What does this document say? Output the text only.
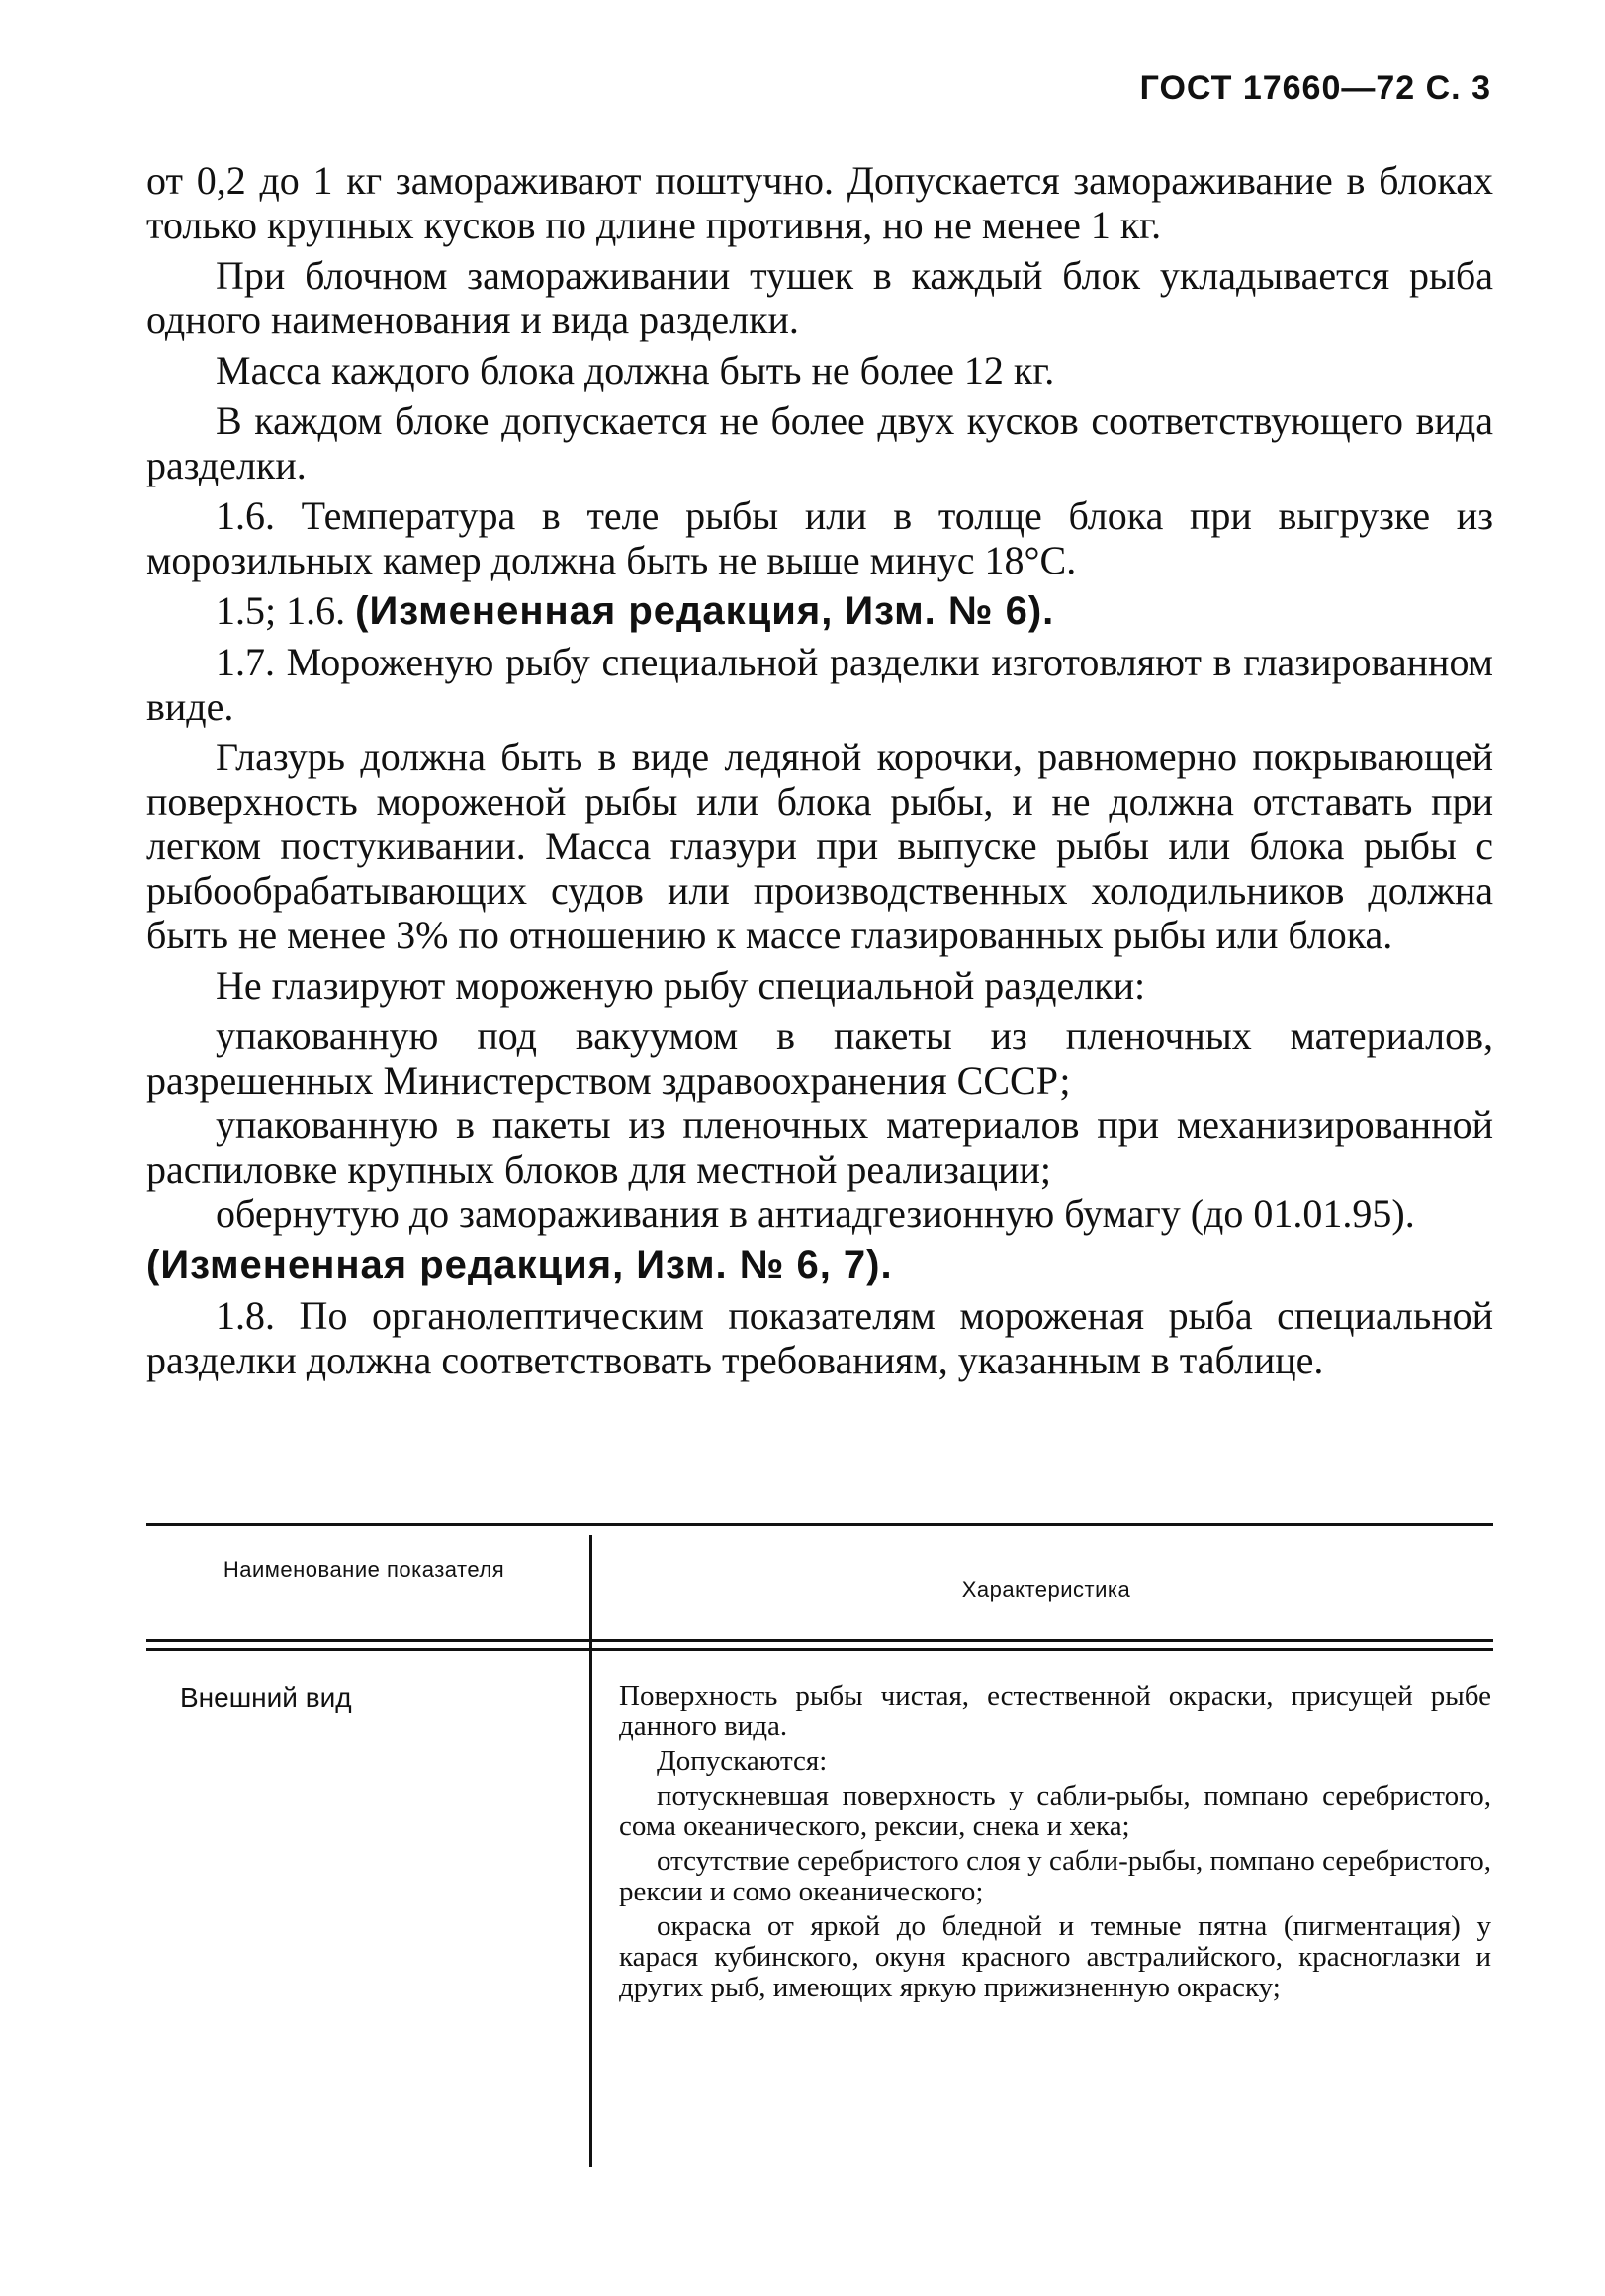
ГОСТ 17660—72 С. 3

от 0,2 до 1 кг замораживают поштучно. Допускается замораживание в блоках только крупных кусков по длине противня, но не менее 1 кг.

При блочном замораживании тушек в каждый блок укладывается рыба одного наименования и вида разделки.

Масса каждого блока должна быть не более 12 кг.

В каждом блоке допускается не более двух кусков соответствующего вида разделки.

1.6. Температура в теле рыбы или в толще блока при выгрузке из морозильных камер должна быть не выше минус 18°С.

1.5; 1.6. (Измененная редакция, Изм. № 6).

1.7. Мороженую рыбу специальной разделки изготовляют в глазированном виде.

Глазурь должна быть в виде ледяной корочки, равномерно покрывающей поверхность мороженой рыбы или блока рыбы, и не должна отставать при легком постукивании. Масса глазури при выпуске рыбы или блока рыбы с рыбообрабатывающих судов или производственных холодильников должна быть не менее 3% по отношению к массе глазированных рыбы или блока.

Не глазируют мороженую рыбу специальной разделки:

упакованную под вакуумом в пакеты из пленочных материалов, разрешенных Министерством здравоохранения СССР;

упакованную в пакеты из пленочных материалов при механизированной распиловке крупных блоков для местной реализации;

обернутую до замораживания в антиадгезионную бумагу (до 01.01.95).

(Измененная редакция, Изм. № 6, 7).

1.8. По органолептическим показателям мороженая рыба специальной разделки должна соответствовать требованиям, указанным в таблице.

Наименование показателя
Характеристика
Внешний вид	Поверхность рыбы чистая, естественной окраски, присущей рыбе данного вида.

Допускаются:

потускневшая поверхность у сабли-рыбы, помпано серебристого, сома океанического, рексии, снека и хека;

отсутствие серебристого слоя у сабли-рыбы, помпано серебристого, рексии и сомо океанического;

окраска от яркой до бледной и темные пятна (пигментация) у карася кубинского, окуня красного австралийского, красноглазки и других рыб, имеющих яркую прижизненную окраску;
